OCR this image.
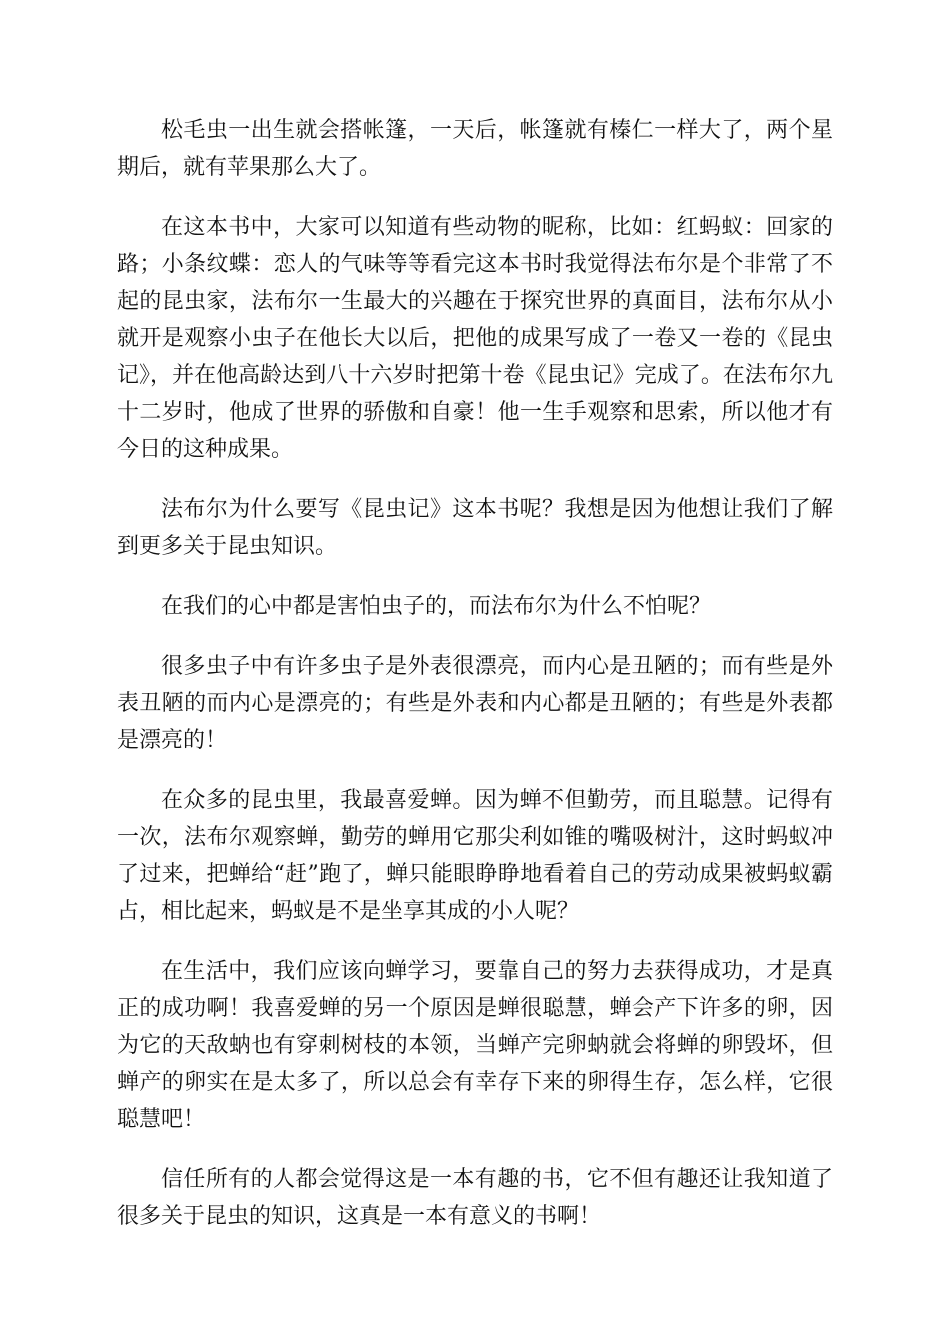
松毛虫一出生就会搭帐篷，一天后，帐篷就有榛仁一样大了，两个星期后，就有苹果那么大了。

在这本书中，大家可以知道有些动物的昵称，比如：红蚂蚁：回家的路；小条纹蝶：恋人的气味等等看完这本书时我觉得法布尔是个非常了不起的昆虫家，法布尔一生最大的兴趣在于探究世界的真面目，法布尔从小就开是观察小虫子在他长大以后，把他的成果写成了一卷又一卷的《昆虫记》，并在他高龄达到八十六岁时把第十卷《昆虫记》完成了。在法布尔九十二岁时，他成了世界的骄傲和自豪！他一生手观察和思索，所以他才有今日的这种成果。

法布尔为什么要写《昆虫记》这本书呢？我想是因为他想让我们了解到更多关于昆虫知识。

在我们的心中都是害怕虫子的，而法布尔为什么不怕呢？

很多虫子中有许多虫子是外表很漂亮，而内心是丑陋的；而有些是外表丑陋的而内心是漂亮的；有些是外表和内心都是丑陋的；有些是外表都是漂亮的！

在众多的昆虫里，我最喜爱蝉。因为蝉不但勤劳，而且聪慧。记得有一次，法布尔观察蝉，勤劳的蝉用它那尖利如锥的嘴吸树汁，这时蚂蚁冲了过来，把蝉给“赶”跑了，蝉只能眼睁睁地看着自己的劳动成果被蚂蚁霸占，相比起来，蚂蚁是不是坐享其成的小人呢？

在生活中，我们应该向蝉学习，要靠自己的努力去获得成功，才是真正的成功啊！我喜爱蝉的另一个原因是蝉很聪慧，蝉会产下许多的卵，因为它的天敌蚋也有穿刺树枝的本领，当蝉产完卵蚋就会将蝉的卵毁坏，但蝉产的卵实在是太多了，所以总会有幸存下来的卵得生存，怎么样，它很聪慧吧！

信任所有的人都会觉得这是一本有趣的书，它不但有趣还让我知道了很多关于昆虫的知识，这真是一本有意义的书啊！
